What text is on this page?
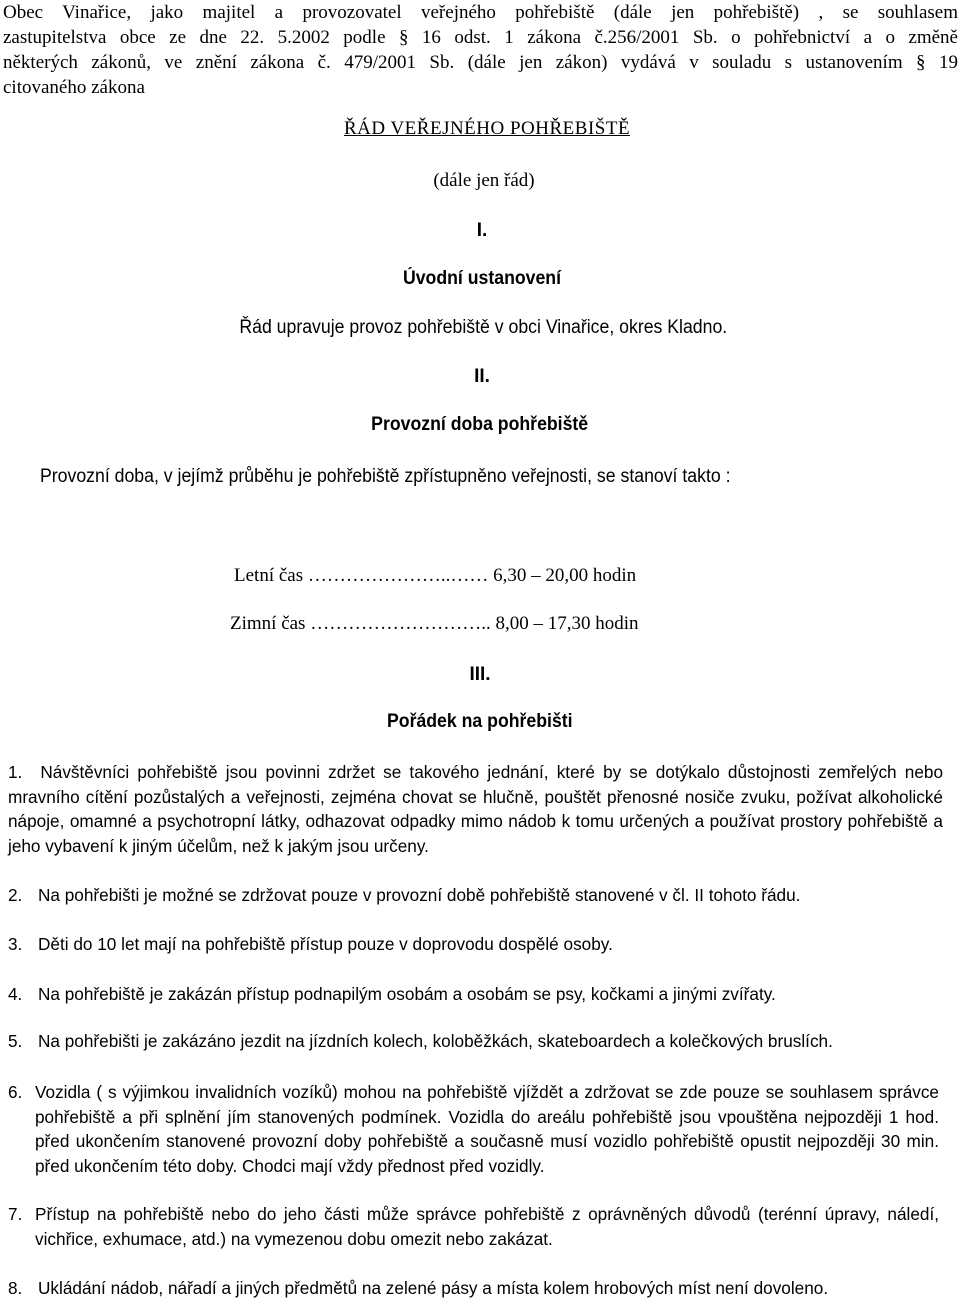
Obec Vinařice, jako majitel a provozovatel veřejného pohřebiště (dále jen pohřebiště) , se souhlasem
zastupitelstva obce ze dne 22. 5.2002 podle § 16 odst. 1 zákona č.256/2001 Sb. o pohřebnictví a o změně
některých zákonů, ve znění zákona č. 479/2001 Sb. (dále jen zákon) vydává v souladu s ustanovením § 19
citovaného zákona
ŘÁD VEŘEJNÉHO POHŘEBIŠTĚ
(dále jen řád)
I.
Úvodní ustanovení
Řád upravuje provoz pohřebiště v obci Vinařice, okres Kladno.
II.
Provozní doba pohřebiště
Provozní doba, v jejímž průběhu je pohřebiště zpřístupněno veřejnosti, se stanoví takto :
Letní čas …………………..…… 6,30 – 20,00 hodin
Zimní čas ……………………….. 8,00 – 17,30 hodin
III.
Pořádek na pohřebišti
1. Návštěvníci pohřebiště jsou povinni zdržet se takového jednání, které by se dotýkalo důstojnosti zemřelých nebo mravního cítění pozůstalých a veřejnosti, zejména chovat se hlučně, pouštět přenosné nosiče zvuku, požívat alkoholické nápoje, omamné a psychotropní látky, odhazovat odpadky mimo nádob k tomu určených a používat prostory pohřebiště a jeho vybavení k jiným účelům, než k jakým jsou určeny.
2. Na pohřebišti je možné se zdržovat pouze v provozní době pohřebiště stanovené v čl. II tohoto řádu.
3. Děti do 10 let mají na pohřebiště přístup pouze v doprovodu dospělé osoby.
4. Na pohřebiště je zakázán přístup podnapilým osobám a osobám se psy, kočkami a jinými zvířaty.
5. Na pohřebišti je zakázáno jezdit na jízdních kolech, koloběžkách, skateboardech a kolečkových bruslích.
6. Vozidla ( s výjimkou invalidních vozíků) mohou na pohřebiště vjíždět a zdržovat se zde pouze se souhlasem správce pohřebiště a při splnění jím stanovených podmínek. Vozidla do areálu pohřebiště jsou vpouštěna nejpozději 1 hod. před ukončením stanovené provozní doby pohřebiště a současně musí vozidlo pohřebiště opustit nejpozději 30 min. před ukončením této doby. Chodci mají vždy přednost před vozidly.
7. Přístup na pohřebiště nebo do jeho části může správce pohřebiště z oprávněných důvodů (terénní úpravy, náledí, vichřice, exhumace, atd.) na vymezenou dobu omezit nebo zakázat.
8. Ukládání nádob, nářadí a jiných předmětů na zelené pásy a místa kolem hrobových míst není dovoleno.
